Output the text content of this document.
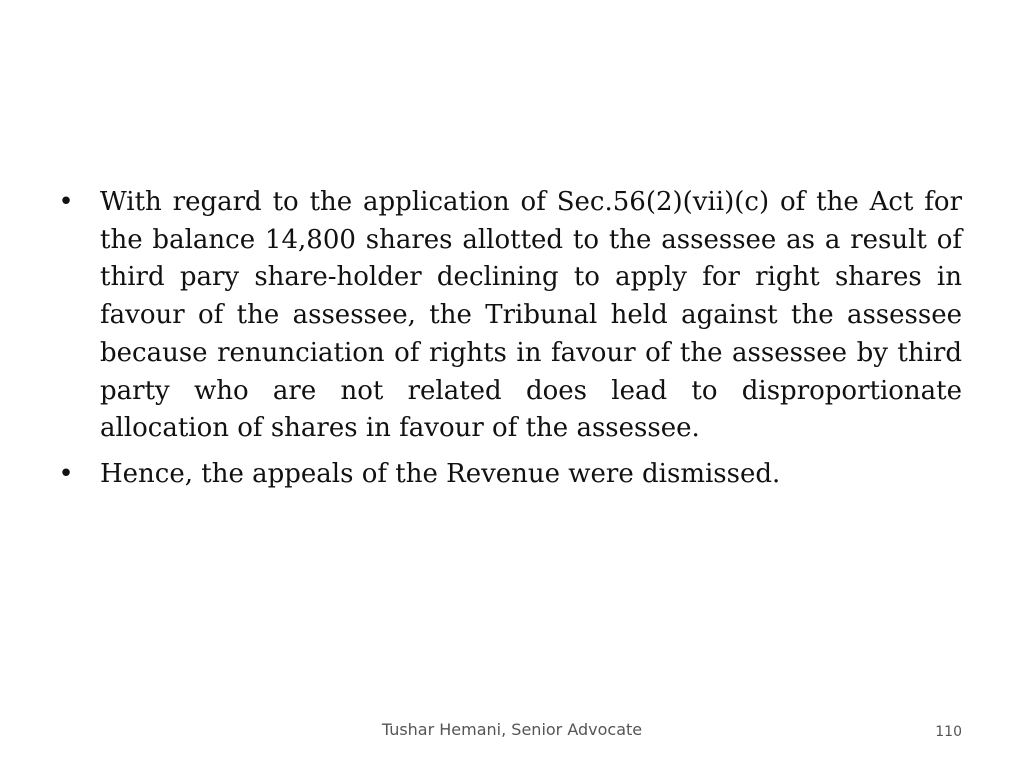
• With regard to the application of Sec.56(2)(vii)(c) of the Act for the balance 14,800 shares allotted to the assessee as a result of third pary share-holder declining to apply for right shares in favour of the assessee, the Tribunal held against the assessee because renunciation of rights in favour of the assessee by third party who are not related does lead to disproportionate allocation of shares in favour of the assessee.
• Hence, the appeals of the Revenue were dismissed.
Tushar Hemani, Senior Advocate	110
